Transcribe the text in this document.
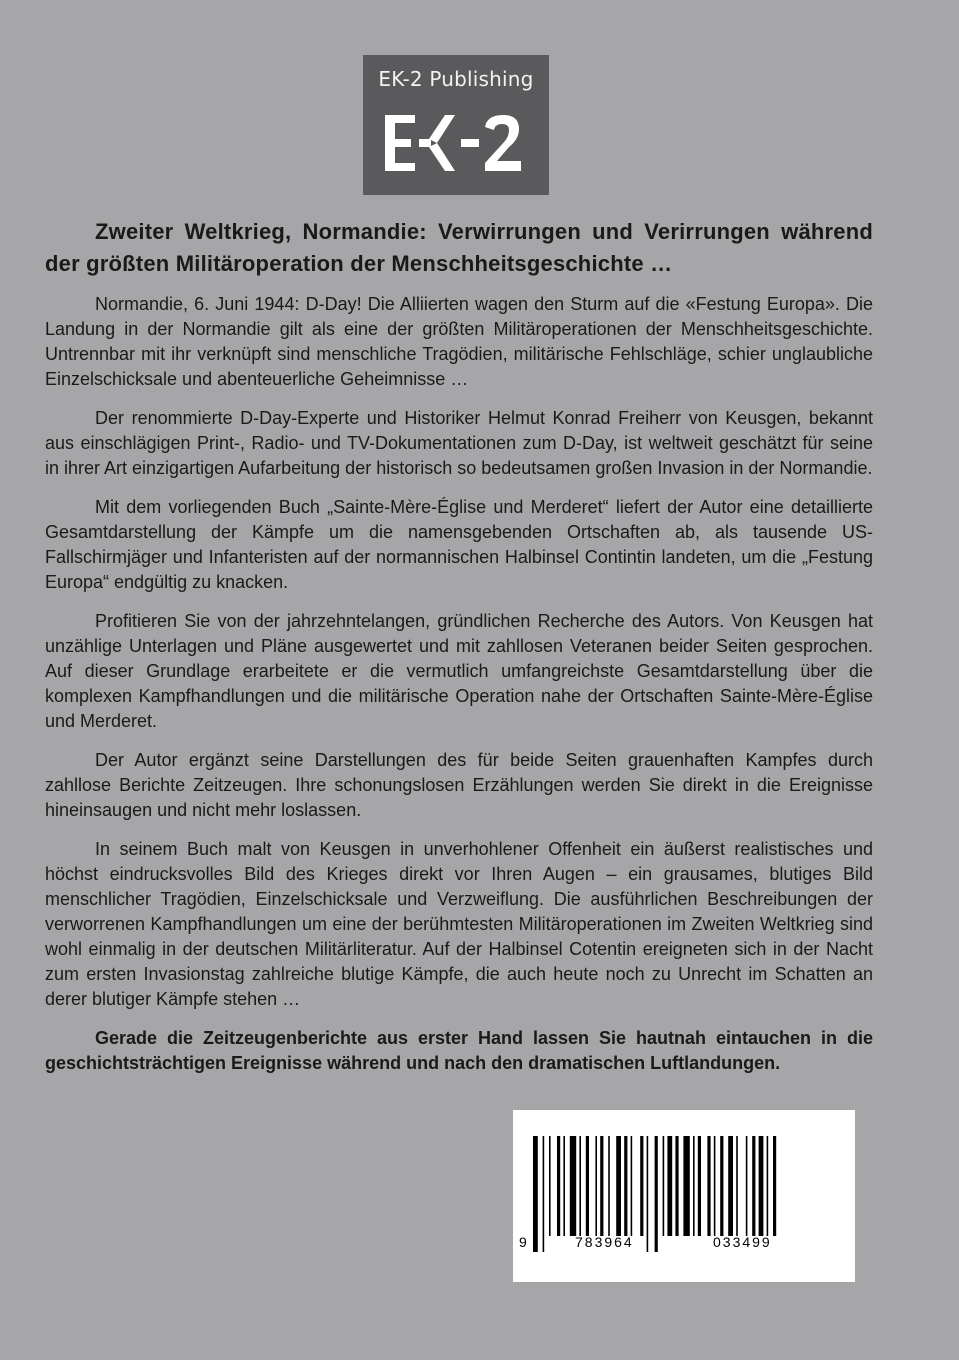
EK-2 Publishing

Zweiter Weltkrieg, Normandie: Verwirrungen und Verirrungen während der größten Militäroperation der Menschheitsgeschichte …

Normandie, 6. Juni 1944: D-Day! Die Alliierten wagen den Sturm auf die «Festung Europa». Die Landung in der Normandie gilt als eine der größten Militäroperationen der Menschheitsgeschichte. Untrennbar mit ihr verknüpft sind menschliche Tragödien, militärische Fehlschläge, schier unglaubliche Einzelschicksale und abenteuerliche Geheimnisse …

Der renommierte D-Day-Experte und Historiker Helmut Konrad Freiherr von Keusgen, bekannt aus einschlägigen Print-, Radio- und TV-Dokumentationen zum D-Day, ist weltweit geschätzt für seine in ihrer Art einzigartigen Aufarbeitung der historisch so bedeutsamen großen Invasion in der Normandie.

Mit dem vorliegenden Buch „Sainte-Mère-Église und Merderet“ liefert der Autor eine detaillierte Gesamtdarstellung der Kämpfe um die namensgebenden Ortschaften ab, als tausende US-Fallschirmjäger und Infanteristen auf der normannischen Halbinsel Contintin landeten, um die „Festung Europa“ endgültig zu knacken.

Profitieren Sie von der jahrzehntelangen, gründlichen Recherche des Autors. Von Keusgen hat unzählige Unterlagen und Pläne ausgewertet und mit zahllosen Veteranen beider Seiten gesprochen. Auf dieser Grundlage erarbeitete er die vermutlich umfangreichste Gesamtdarstellung über die komplexen Kampfhandlungen und die militärische Operation nahe der Ortschaften Sainte-Mère-Église und Merderet.

Der Autor ergänzt seine Darstellungen des für beide Seiten grauenhaften Kampfes durch zahllose Berichte Zeitzeugen. Ihre schonungslosen Erzählungen werden Sie direkt in die Ereignisse hineinsaugen und nicht mehr loslassen.

In seinem Buch malt von Keusgen in unverhohlener Offenheit ein äußerst realistisches und höchst eindrucksvolles Bild des Krieges direkt vor Ihren Augen – ein grausames, blutiges Bild menschlicher Tragödien, Einzelschicksale und Verzweiflung. Die ausführlichen Beschreibungen der verworrenen Kampfhandlungen um eine der berühmtesten Militäroperationen im Zweiten Weltkrieg sind wohl einmalig in der deutschen Militärliteratur. Auf der Halbinsel Cotentin ereigneten sich in der Nacht zum ersten Invasionstag zahlreiche blutige Kämpfe, die auch heute noch zu Unrecht im Schatten an derer blutiger Kämpfe stehen …

Gerade die Zeitzeugenberichte aus erster Hand lassen Sie hautnah eintauchen in die geschichtsträchtigen Ereignisse während und nach den dramatischen Luftlandungen.

9	783964	033499
